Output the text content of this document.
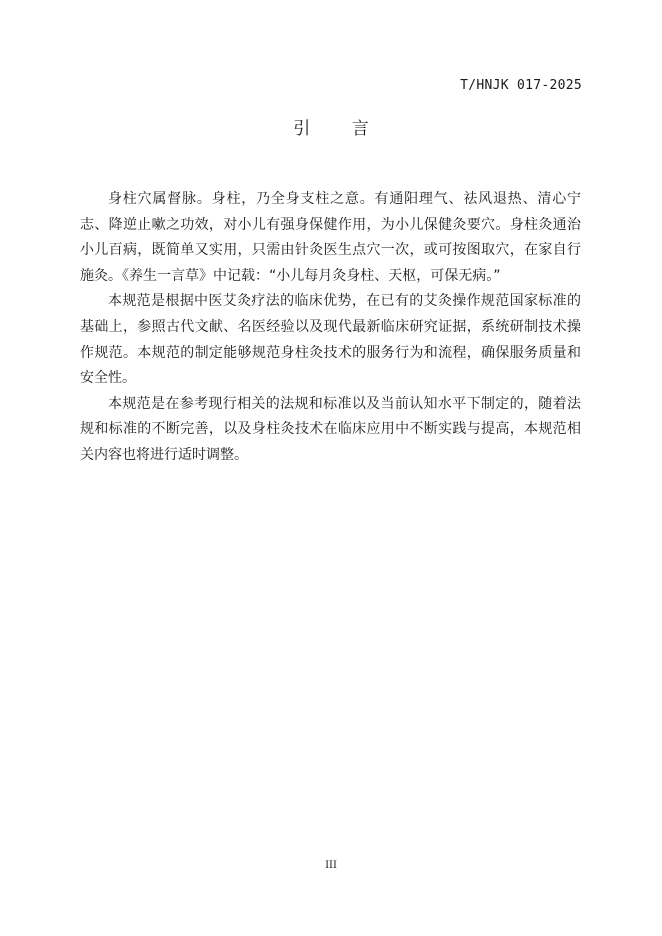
T/HNJK 017-2025
引 言

身柱穴属督脉。身柱，乃全身支柱之意。有通阳理气、祛风退热、清心宁志、降逆止嗽之功效，对小儿有强身保健作用，为小儿保健灸要穴。身柱灸通治小儿百病，既简单又实用，只需由针灸医生点穴一次，或可按图取穴，在家自行施灸。《养生一言草》中记载：“小儿每月灸身柱、天枢，可保无病。”

本规范是根据中医艾灸疗法的临床优势，在已有的艾灸操作规范国家标准的基础上，参照古代文献、名医经验以及现代最新临床研究证据，系统研制技术操作规范。本规范的制定能够规范身柱灸技术的服务行为和流程，确保服务质量和安全性。

本规范是在参考现行相关的法规和标准以及当前认知水平下制定的，随着法规和标准的不断完善，以及身柱灸技术在临床应用中不断实践与提高，本规范相关内容也将进行适时调整。

III
